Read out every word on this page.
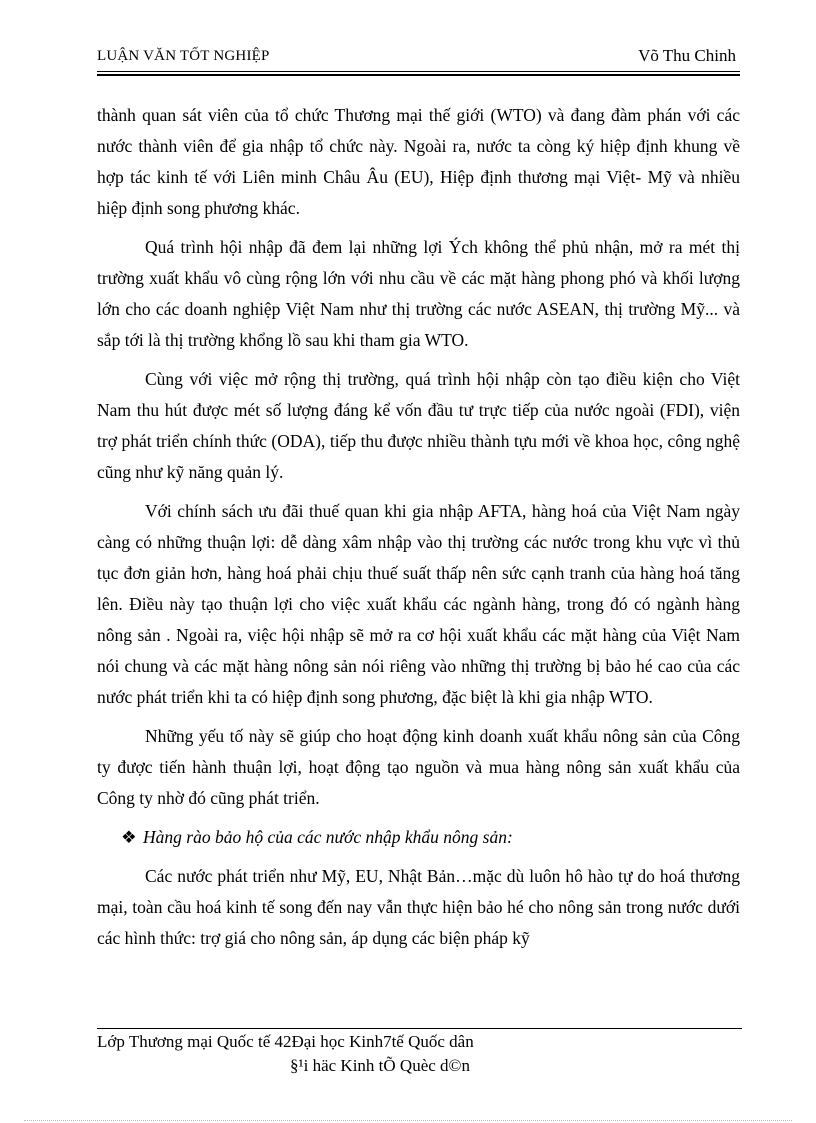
LUẬN VĂN TỐT NGHIỆP	Võ Thu Chinh

thành quan sát viên của tổ chức Thương mại thế giới (WTO) và đang đàm phán với các nước thành viên để gia nhập tổ chức này. Ngoài ra, nước ta còng ký hiệp định khung về hợp tác kinh tế với Liên minh Châu Âu (EU), Hiệp định thương mại Việt- Mỹ và nhiều hiệp định song phương khác.

Quá trình hội nhập đã đem lại những lợi Ých không thể phủ nhận, mở ra mét thị trường xuất khẩu vô cùng rộng lớn với nhu cầu về các mặt hàng phong phó và khối lượng lớn cho các doanh nghiệp Việt Nam như thị trường các nước ASEAN, thị trường Mỹ... và sắp tới là thị trường khổng lồ sau khi tham gia WTO.

Cùng với việc mở rộng thị trường, quá trình hội nhập còn tạo điều kiện cho Việt Nam thu hút được mét số lượng đáng kể vốn đầu tư trực tiếp của nước ngoài (FDI), viện trợ phát triển chính thức (ODA), tiếp thu được nhiều thành tựu mới về khoa học, công nghệ cũng như kỹ năng quản lý.

Với chính sách ưu đãi thuế quan khi gia nhập AFTA, hàng hoá của Việt Nam ngày càng có những thuận lợi: dễ dàng xâm nhập vào thị trường các nước trong khu vực vì thủ tục đơn giản hơn, hàng hoá phải chịu thuế suất thấp nên sức cạnh tranh của hàng hoá tăng lên. Điều này tạo thuận lợi cho việc xuất khẩu các ngành hàng, trong đó có ngành hàng nông sản . Ngoài ra, việc hội nhập sẽ mở ra cơ hội xuất khẩu các mặt hàng của Việt Nam nói chung và các mặt hàng nông sản nói riêng vào những thị trường bị bảo hé cao của các nước phát triển khi ta có hiệp định song phương, đặc biệt là khi gia nhập WTO.

Những yếu tố này sẽ giúp cho hoạt động kinh doanh xuất khẩu nông sản của Công ty được tiến hành thuận lợi, hoạt động tạo nguồn và mua hàng nông sản xuất khẩu của Công ty nhờ đó cũng phát triển.

❖ Hàng rào bảo hộ của các nước nhập khẩu nông sản:

Các nước phát triển như Mỹ, EU, Nhật Bản…mặc dù luôn hô hào tự do hoá thương mại, toàn cầu hoá kinh tế song đến nay vẫn thực hiện bảo hé cho nông sản trong nước dưới các hình thức: trợ giá cho nông sản, áp dụng các biện pháp kỹ

Lớp Thương mại Quốc tế 42Đại học Kinh7tế Quốc dân
§¹i häc Kinh tÕ Quèc d©n
